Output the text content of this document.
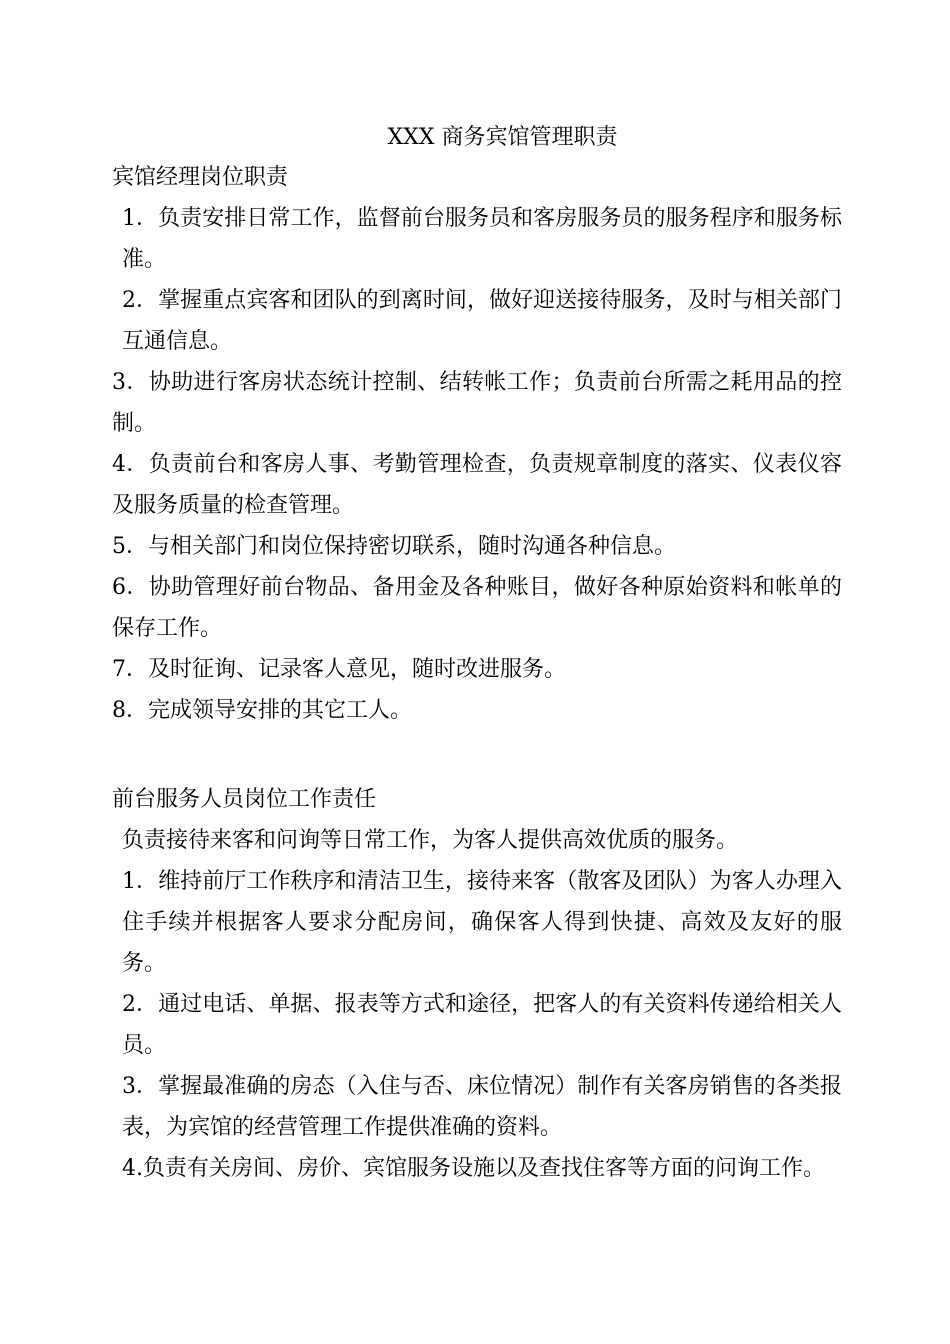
XXX 商务宾馆管理职责
宾馆经理岗位职责

1．负责安排日常工作，监督前台服务员和客房服务员的服务程序和服务标准。

2．掌握重点宾客和团队的到离时间，做好迎送接待服务，及时与相关部门互通信息。

3．协助进行客房状态统计控制、结转帐工作；负责前台所需之耗用品的控制。

4．负责前台和客房人事、考勤管理检查，负责规章制度的落实、仪表仪容及服务质量的检查管理。

5．与相关部门和岗位保持密切联系，随时沟通各种信息。

6．协助管理好前台物品、备用金及各种账目，做好各种原始资料和帐单的保存工作。

7．及时征询、记录客人意见，随时改进服务。

8．完成领导安排的其它工人。

前台服务人员岗位工作责任

负责接待来客和问询等日常工作，为客人提供高效优质的服务。

1．维持前厅工作秩序和清洁卫生，接待来客（散客及团队）为客人办理入住手续并根据客人要求分配房间，确保客人得到快捷、高效及友好的服务。

2．通过电话、单据、报表等方式和途径，把客人的有关资料传递给相关人员。

3．掌握最准确的房态（入住与否、床位情况）制作有关客房销售的各类报表，为宾馆的经营管理工作提供准确的资料。

4.负责有关房间、房价、宾馆服务设施以及查找住客等方面的问询工作。
